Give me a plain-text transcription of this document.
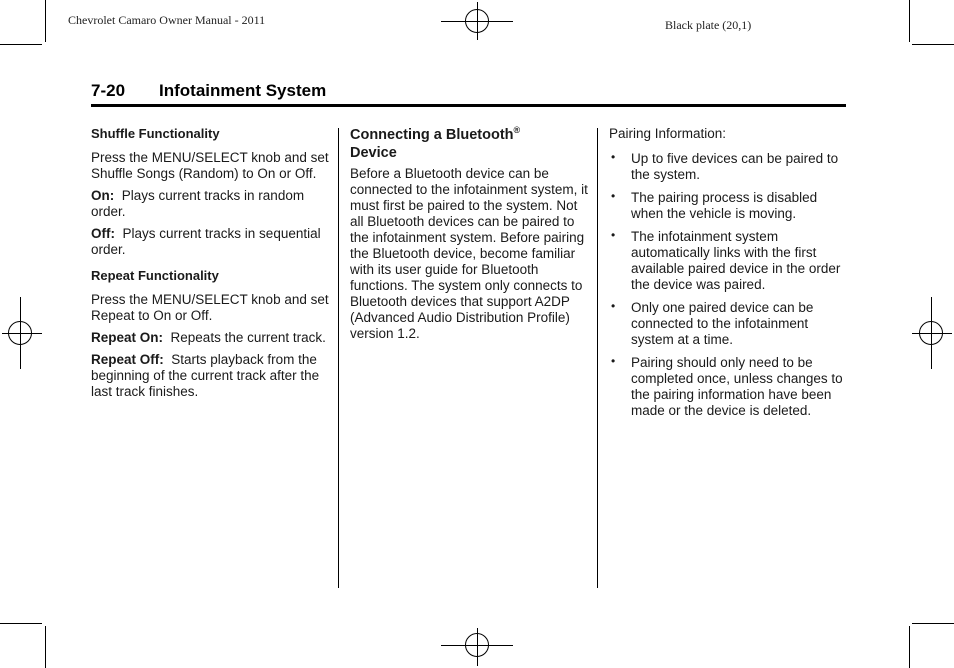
Chevrolet Camaro Owner Manual - 2011	Black plate (20,1)
7-20 Infotainment System

Shuffle Functionality

Press the MENU/SELECT knob and set Shuffle Songs (Random) to On or Off.

On: Plays current tracks in random order.

Off: Plays current tracks in sequential order.

Repeat Functionality

Press the MENU/SELECT knob and set Repeat to On or Off.

Repeat On: Repeats the current track.

Repeat Off: Starts playback from the beginning of the current track after the last track finishes.

Connecting a Bluetooth®
Device

Before a Bluetooth device can be connected to the infotainment system, it must first be paired to the system. Not all Bluetooth devices can be paired to the infotainment system. Before pairing the Bluetooth device, become familiar with its user guide for Bluetooth functions. The system only connects to Bluetooth devices that support A2DP (Advanced Audio Distribution Profile) version 1.2.

Pairing Information:

• Up to five devices can be paired to the system.
• The pairing process is disabled when the vehicle is moving.
• The infotainment system automatically links with the first available paired device in the order the device was paired.
• Only one paired device can be connected to the infotainment system at a time.
• Pairing should only need to be completed once, unless changes to the pairing information have been made or the device is deleted.
